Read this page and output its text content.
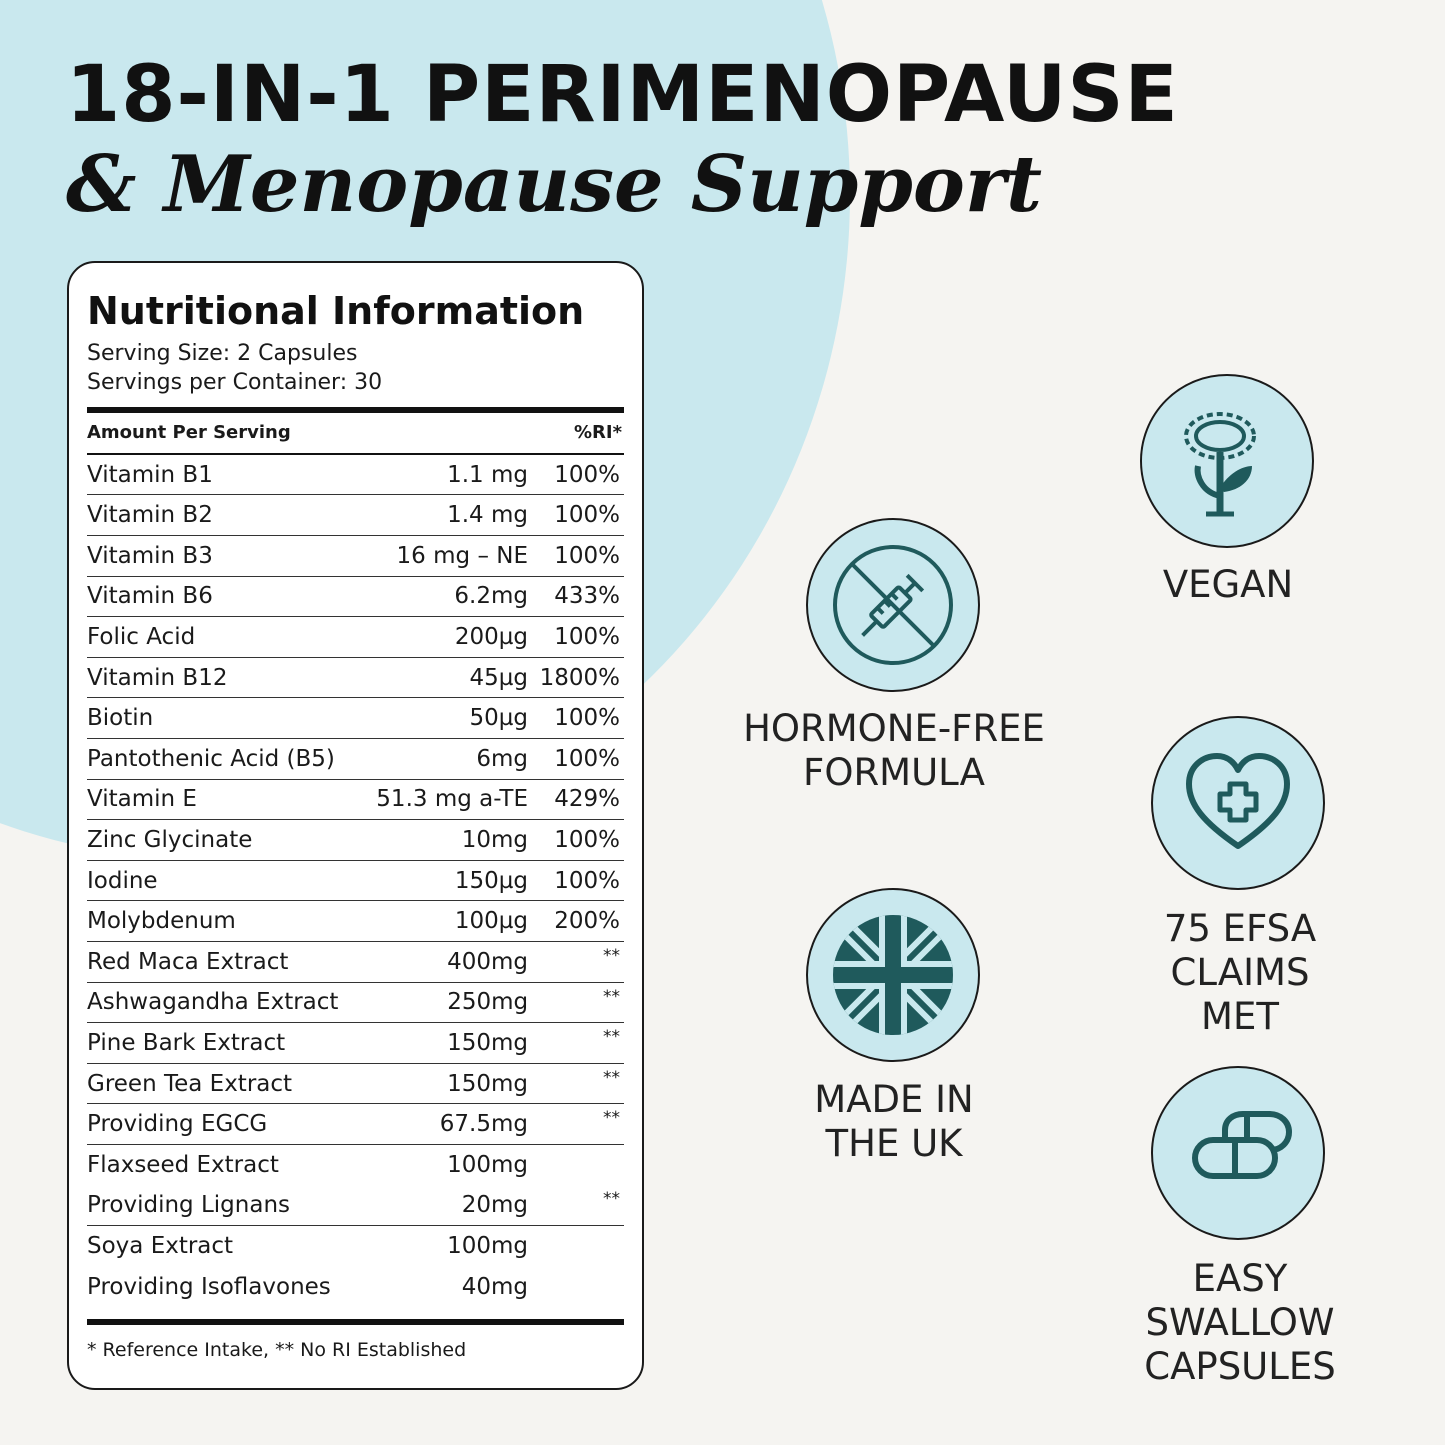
18-IN-1 PERIMENOPAUSE
& Menopause Support
Nutritional Information
Serving Size: 2 Capsules
Servings per Container: 30
Amount Per Serving	%RI*
Vitamin B1	1.1 mg	100%
Vitamin B2	1.4 mg	100%
Vitamin B3	16 mg – NE	100%
Vitamin B6	6.2mg	433%
Folic Acid	200µg	100%
Vitamin B12	45µg 1800%
Biotin	50µg	100%
Pantothenic Acid (B5)	6mg	100%
Vitamin E	51.3 mg a-TE	429%
Zinc Glycinate	10mg	100%
Iodine	150µg	100%
Molybdenum	100µg	200%
Red Maca Extract	400mg	**
Ashwagandha Extract	250mg	**
Pine Bark Extract	150mg	**
Green Tea Extract	150mg	**
Providing EGCG	67.5mg	**
Flaxseed Extract	100mg
Providing Lignans	20mg	**
Soya Extract	100mg
Providing Isoflavones	40mg
* Reference Intake, ** No RI Established
VEGAN
HORMONE-FREE
FORMULA
75 EFSA
CLAIMS MET
MADE IN
THE UK
EASY SWALLOW
CAPSULES
